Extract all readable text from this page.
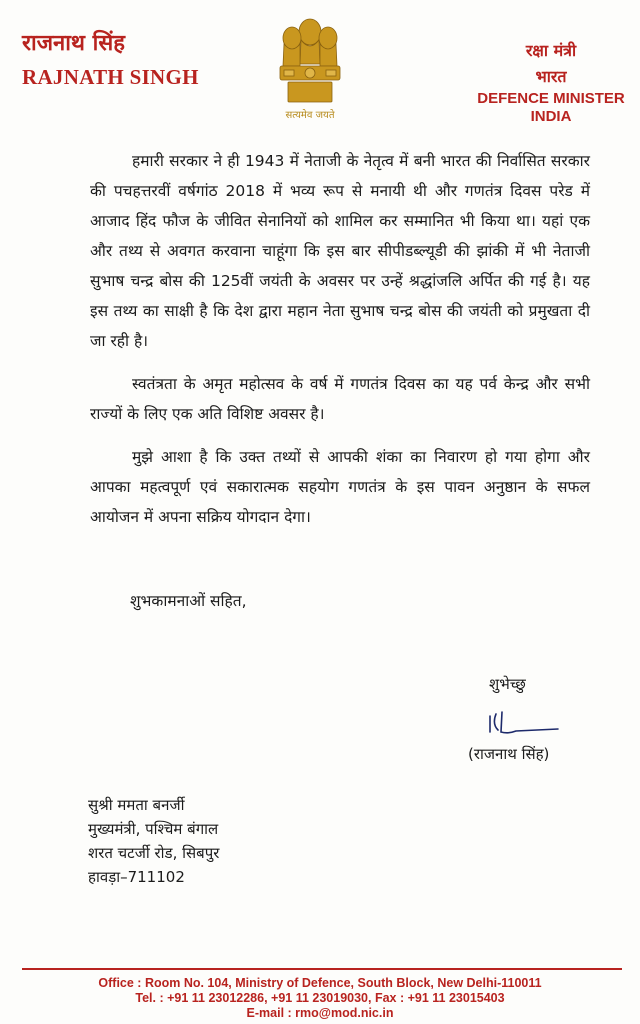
राजनाथ सिंह
RAJNATH SINGH
सत्यमेव जयते
रक्षा मंत्री
भारत
DEFENCE MINISTER
INDIA

हमारी सरकार ने ही 1943 में नेताजी के नेतृत्व में बनी भारत की निर्वासित सरकार की पचहत्तरवीं वर्षगांठ 2018 में भव्य रूप से मनायी थी और गणतंत्र दिवस परेड में आजाद हिंद फौज के जीवित सेनानियों को शामिल कर सम्मानित भी किया था। यहां एक और तथ्य से अवगत करवाना चाहूंगा कि इस बार सीपीडब्ल्यूडी की झांकी में भी नेताजी सुभाष चन्द्र बोस की 125वीं जयंती के अवसर पर उन्हें श्रद्धांजलि अर्पित की गई है। यह इस तथ्य का साक्षी है कि देश द्वारा महान नेता सुभाष चन्द्र बोस की जयंती को प्रमुखता दी जा रही है।

स्वतंत्रता के अमृत महोत्सव के वर्ष में गणतंत्र दिवस का यह पर्व केन्द्र और सभी राज्यों के लिए एक अति विशिष्ट अवसर है।

मुझे आशा है कि उक्त तथ्यों से आपकी शंका का निवारण हो गया होगा और आपका महत्वपूर्ण एवं सकारात्मक सहयोग गणतंत्र के इस पावन अनुष्ठान के सफल आयोजन में अपना सक्रिय योगदान देगा।

शुभकामनाओं सहित,
शुभेच्छु
(राजनाथ सिंह)
सुश्री ममता बनर्जी
मुख्यमंत्री, पश्चिम बंगाल
शरत चटर्जी रोड, सिबपुर
हावड़ा–711102
Office : Room No. 104, Ministry of Defence, South Block, New Delhi-110011
Tel. : +91 11 23012286, +91 11 23019030, Fax : +91 11 23015403
E-mail : rmo@mod.nic.in
